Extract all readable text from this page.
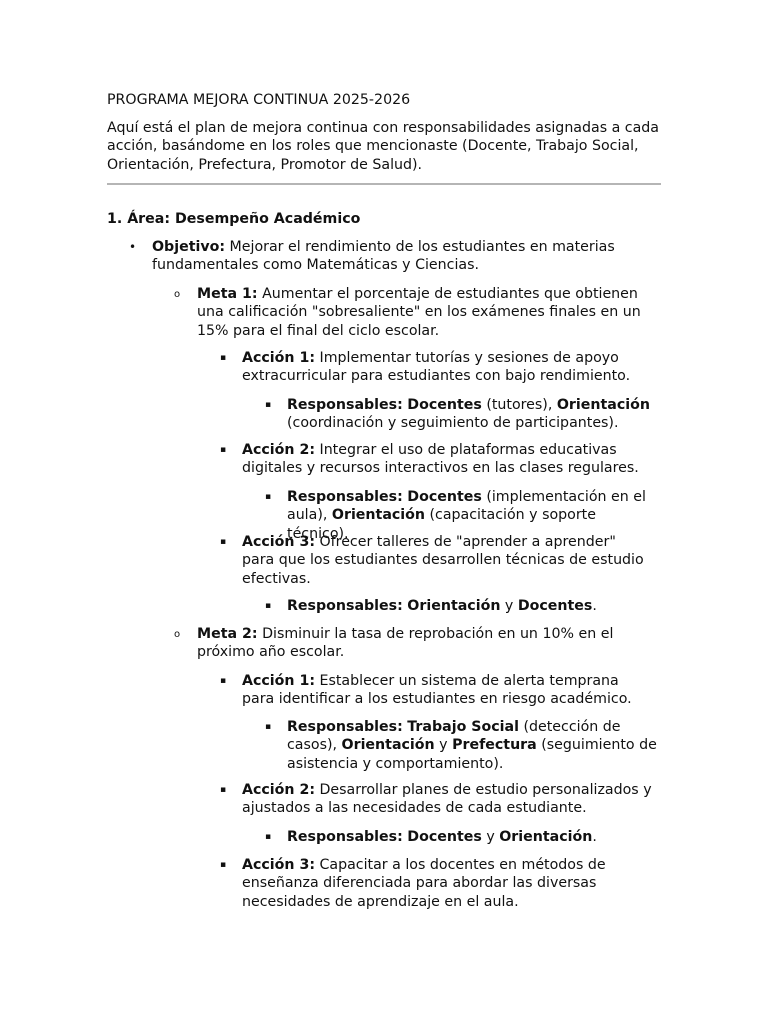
PROGRAMA MEJORA CONTINUA 2025-2026

Aquí está el plan de mejora continua con responsabilidades asignadas a cada acción, basándome en los roles que mencionaste (Docente, Trabajo Social, Orientación, Prefectura, Promotor de Salud).

1. Área: Desempeño Académico

• Objetivo: Mejorar el rendimiento de los estudiantes en materias fundamentales como Matemáticas y Ciencias.

o Meta 1: Aumentar el porcentaje de estudiantes que obtienen una calificación "sobresaliente" en los exámenes finales en un 15% para el final del ciclo escolar.

▪ Acción 1: Implementar tutorías y sesiones de apoyo extracurricular para estudiantes con bajo rendimiento.

▪ Responsables: Docentes (tutores), Orientación (coordinación y seguimiento de participantes).

▪ Acción 2: Integrar el uso de plataformas educativas digitales y recursos interactivos en las clases regulares.

▪ Responsables: Docentes (implementación en el aula), Orientación (capacitación y soporte técnico).

▪ Acción 3: Ofrecer talleres de "aprender a aprender" para que los estudiantes desarrollen técnicas de estudio efectivas.

▪ Responsables: Orientación y Docentes.

o Meta 2: Disminuir la tasa de reprobación en un 10% en el próximo año escolar.

▪ Acción 1: Establecer un sistema de alerta temprana para identificar a los estudiantes en riesgo académico.

▪ Responsables: Trabajo Social (detección de casos), Orientación y Prefectura (seguimiento de asistencia y comportamiento).

▪ Acción 2: Desarrollar planes de estudio personalizados y ajustados a las necesidades de cada estudiante.

▪ Responsables: Docentes y Orientación.

▪ Acción 3: Capacitar a los docentes en métodos de enseñanza diferenciada para abordar las diversas necesidades de aprendizaje en el aula.
